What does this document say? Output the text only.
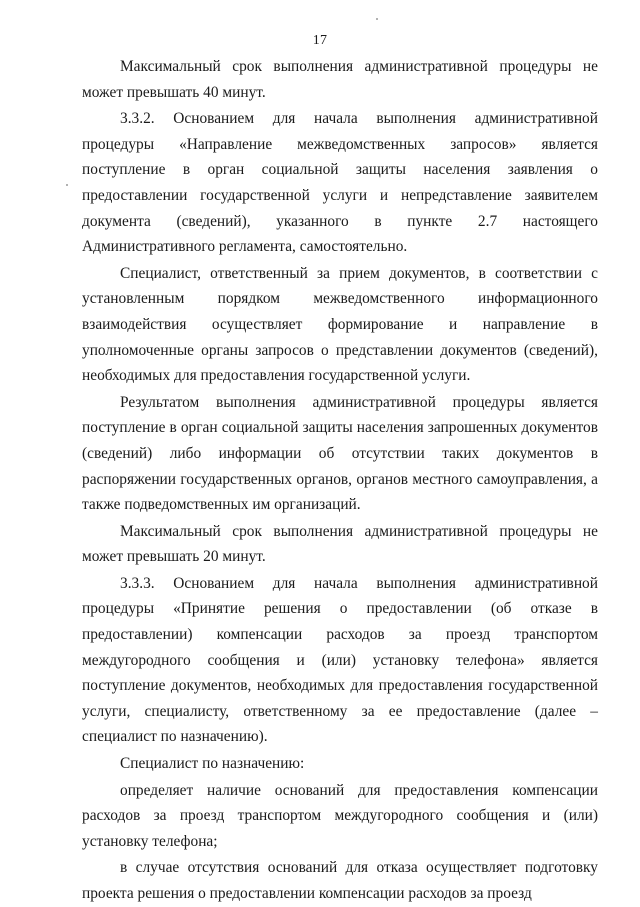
17

Максимальный срок выполнения административной процедуры не может превышать 40 минут.

3.3.2. Основанием для начала выполнения административной процедуры «Направление межведомственных запросов» является поступление в орган социальной защиты населения заявления о предоставлении государственной услуги и непредставление заявителем документа (сведений), указанного в пункте 2.7 настоящего Административного регламента, самостоятельно.

Специалист, ответственный за прием документов, в соответствии с установленным порядком межведомственного информационного взаимодействия осуществляет формирование и направление в уполномоченные органы запросов о представлении документов (сведений), необходимых для предоставления государственной услуги.

Результатом выполнения административной процедуры является поступление в орган социальной защиты населения запрошенных документов (сведений) либо информации об отсутствии таких документов в распоряжении государственных органов, органов местного самоуправления, а также подведомственных им организаций.

Максимальный срок выполнения административной процедуры не может превышать 20 минут.

3.3.3. Основанием для начала выполнения административной процедуры «Принятие решения о предоставлении (об отказе в предоставлении) компенсации расходов за проезд транспортом междугородного сообщения и (или) установку телефона» является поступление документов, необходимых для предоставления государственной услуги, специалисту, ответственному за ее предоставление (далее – специалист по назначению).

Специалист по назначению:

определяет наличие оснований для предоставления компенсации расходов за проезд транспортом междугородного сообщения и (или) установку телефона;

в случае отсутствия оснований для отказа осуществляет подготовку проекта решения о предоставлении компенсации расходов за проезд
